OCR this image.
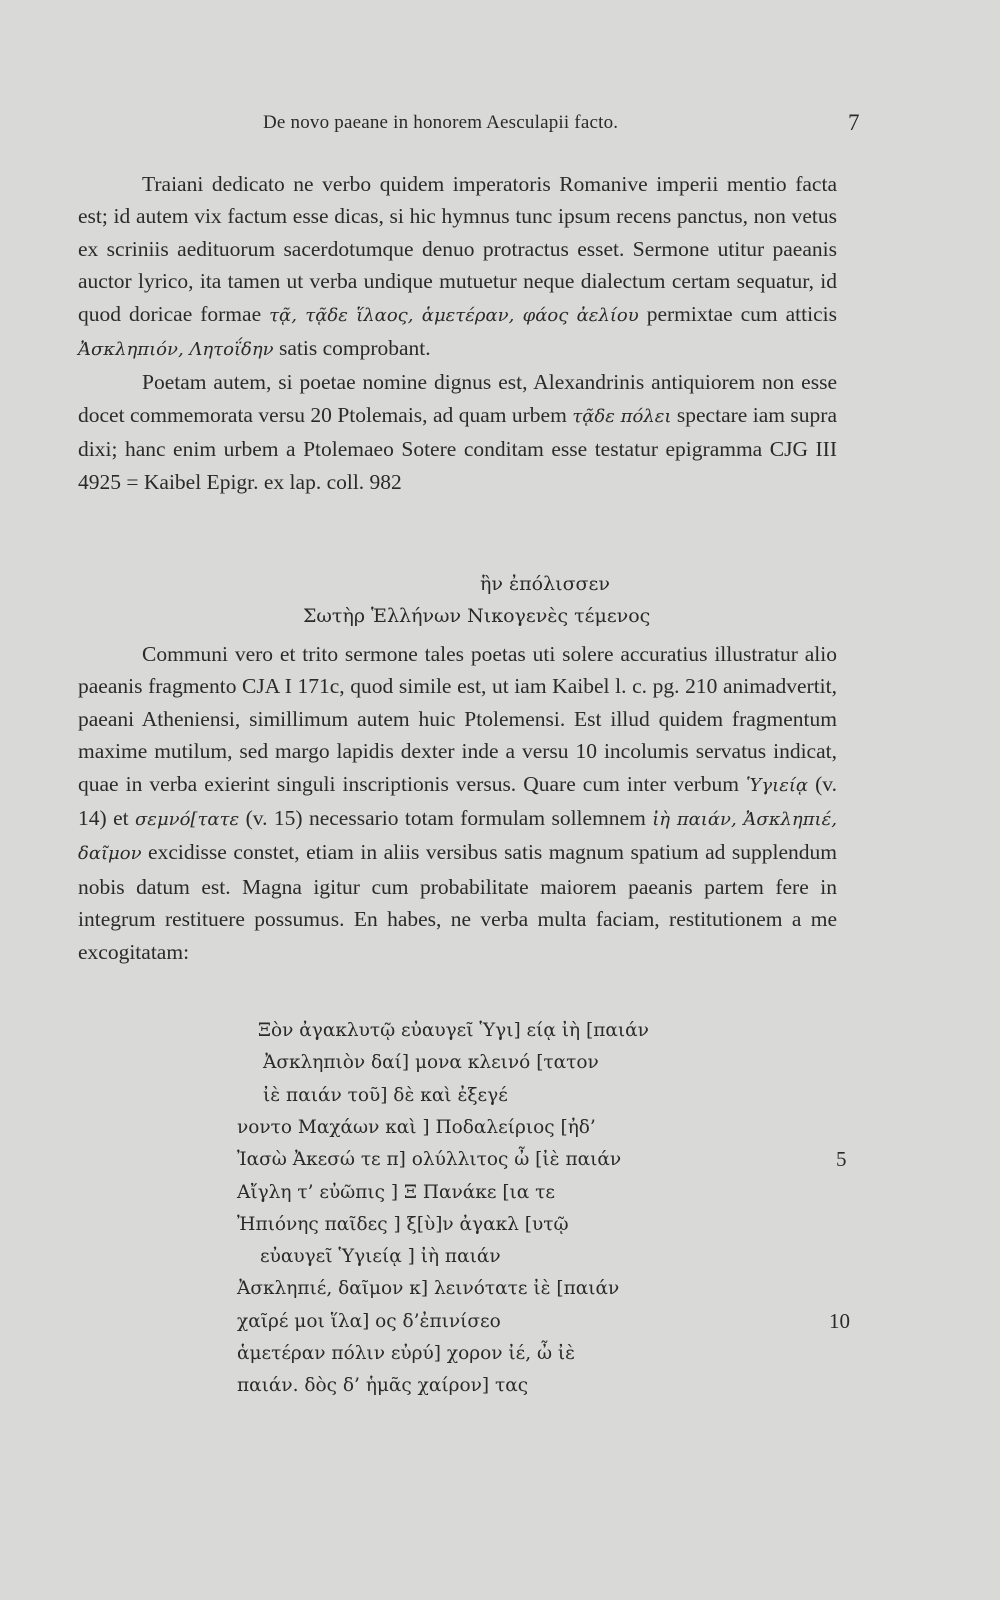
De novo paeane in honorem Aesculapii facto.	7

Traiani dedicato ne verbo quidem imperatoris Romanive imperii mentio facta est; id autem vix factum esse dicas, si hic hymnus tunc ipsum recens panctus, non vetus ex scriniis aedituorum sacerdotumque denuo protractus esset. Sermone utitur paeanis auctor lyrico, ita tamen ut verba undique mutuetur neque dialectum certam sequatur, id quod doricae formae τᾷ, τᾷδε ἵλαος, ἁμετέραν, φάος ἀελίου permixtae cum atticis Ἀσκληπιόν, Λητοΐδην satis comprobant.

Poetam autem, si poetae nomine dignus est, Alexandrinis antiquiorem non esse docet commemorata versu 20 Ptolemais, ad quam urbem τᾷδε πόλει spectare iam supra dixi; hanc enim urbem a Ptolemaeo Sotere conditam esse testatur epigramma CJG III 4925 = Kaibel Epigr. ex lap. coll. 982

ἣν ἐπόλισσεν
Σωτὴρ Ἑλλήνων Νικογενὲς τέμενος

Communi vero et trito sermone tales poetas uti solere accuratius illustratur alio paeanis fragmento CJA I 171c, quod simile est, ut iam Kaibel l. c. pg. 210 animadvertit, paeani Atheniensi, simillimum autem huic Ptolemensi. Est illud quidem fragmentum maxime mutilum, sed margo lapidis dexter inde a versu 10 incolumis servatus indicat, quae in verba exierint singuli inscriptionis versus. Quare cum inter verbum Ὑγιείᾳ (v. 14) et σεμνό[τατε (v. 15) necessario totam formulam sollemnem ἰὴ παιάν, Ἀσκληπιέ, δαῖμον excidisse constet, etiam in aliis versibus satis magnum spatium ad supplendum nobis datum est. Magna igitur cum probabilitate maiorem paeanis partem fere in integrum restituere possumus. En habes, ne verba multa faciam, restitutionem a me excogitatam:

Ξὸν ἀγακλυτῷ εὐαυγεῖ Ὑγι] είᾳ ἰὴ [παιάν
Ἀσκληπιὸν δαί] μονα κλεινό [τατον
ἰὲ παιάν τοῦ] δὲ καὶ ἐξεγέ
νοντο Μαχάων καὶ ] Ποδαλείριος [ἠδ’
Ἰασὼ Ἀκεσώ τε π] ολύλλιτος ὦ [ἰὲ παιάν	5
Αἴγλη τ’ εὐῶπις ] Ξ Πανάκε [ια τε
Ἠπιόνης παῖδες ] ξ[ὺ]ν ἀγακλ [υτῷ
εὐαυγεῖ Ὑγιείᾳ ] ἰὴ παιάν
Ἀσκληπιέ, δαῖμον κ] λεινότατε ἰὲ [παιάν
χαῖρέ μοι ἵλα] ος δ’ἐπινίσεο	10
ἁμετέραν πόλιν εὐρύ] χορον ἰέ, ὦ ἰὲ
παιάν. δὸς δ’ ἡμᾶς χαίρον] τας
